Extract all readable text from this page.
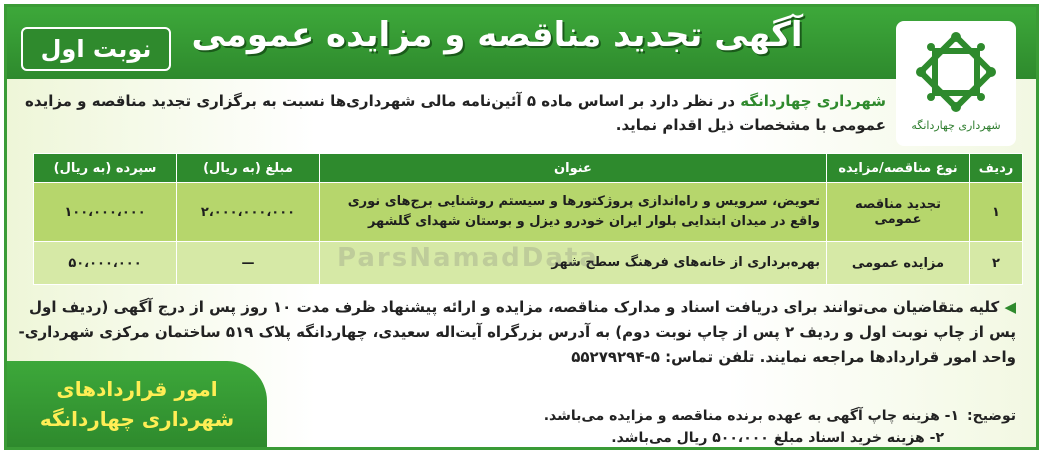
آگهی تجدید مناقصه و مزایده عمومی
نوبت اول
شهرداری چهاردانگه
شهرداری چهاردانگه در نظر دارد بر اساس ماده ۵ آئین‌نامه مالی شهرداری‌ها نسبت به برگزاری تجدید مناقصه و مزایده عمومی با مشخصات ذیل اقدام نماید.
ردیف	نوع مناقصه/مزایده	عنوان	مبلغ (به ریال)	سپرده (به ریال)
۱	تجدید مناقصه عمومی	تعویض، سرویس و راه‌اندازی پروژکتورها و سیستم روشنایی برج‌های نوری واقع در میدان ابتدایی بلوار ایران خودرو دیزل و بوستان شهدای گلشهر	۲،۰۰۰،۰۰۰،۰۰۰	۱۰۰،۰۰۰،۰۰۰
۲	مزایده عمومی	بهره‌برداری از خانه‌های فرهنگ سطح شهر	—	۵۰،۰۰۰،۰۰۰	ParsNamadData
◀ کلیه متقاضیان می‌توانند برای دریافت اسناد و مدارک مناقصه، مزایده و ارائه پیشنهاد ظرف مدت ۱۰ روز پس از درج آگهی (ردیف اول پس از چاپ نوبت اول و ردیف ۲ پس از چاپ نوبت دوم) به آدرس بزرگراه آیت‌اله سعیدی، چهاردانگه پلاک ۵۱۹ ساختمان مرکزی شهرداری- واحد امور قراردادها مراجعه نمایند. تلفن تماس: ۵-۵۵۲۷۹۲۹۴
توضیح:۱- هزینه چاپ آگهی به عهده برنده مناقصه و مزایده می‌باشد.
۲- هزینه خرید اسناد مبلغ ۵۰۰،۰۰۰ ریال می‌باشد.
امور قراردادهای
شهرداری چهاردانگه
